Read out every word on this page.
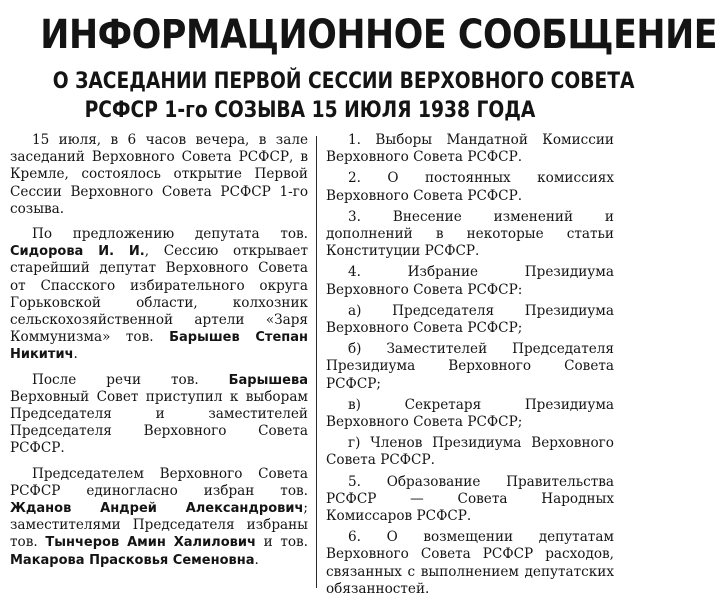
ИНФОРМАЦИОННОЕ СООБЩЕНИЕ
О ЗАСЕДАНИИ ПЕРВОЙ СЕССИИ ВЕРХОВНОГО СОВЕТА
РСФСР 1-го СОЗЫВА 15 ИЮЛЯ 1938 ГОДА

15 июля, в 6 часов вечера, в зале заседаний Верховного Совета РСФСР, в Кремле, состоялось открытие Первой Сессии Верховного Совета РСФСР 1-го созыва.

По предложению депутата тов. Сидорова И. И., Сессию открывает старейший депутат Верховного Совета от Спасского избирательного округа Горьковской области, колхозник сельскохозяйственной артели «Заря Коммунизма» тов. Барышев Степан Никитич.

После речи тов. Барышева Верховный Совет приступил к выборам Председателя и заместителей Председателя Верховного Совета РСФСР.

Председателем Верховного Совета РСФСР единогласно избран тов. Жданов Андрей Александрович; заместителями Председателя избраны тов. Тынчеров Амин Халилович и тов. Макарова Прасковья Семеновна.

1. Выборы Мандатной Комиссии Верховного Совета РСФСР.

2. О постоянных комиссиях Верховного Совета РСФСР.

3. Внесение изменений и дополнений в некоторые статьи Конституции РСФСР.

4. Избрание Президиума Верховного Совета РСФСР:

а) Председателя Президиума Верховного Совета РСФСР;

б) Заместителей Председателя Президиума Верховного Совета РСФСР;

в) Секретаря Президиума Верховного Совета РСФСР;

г) Членов Президиума Верховного Совета РСФСР.

5. Образование Правительства РСФСР — Совета Народных Комиссаров РСФСР.

6. О возмещении депутатам Верховного Совета РСФСР расходов, связанных с выполнением депутатских обязанностей.
